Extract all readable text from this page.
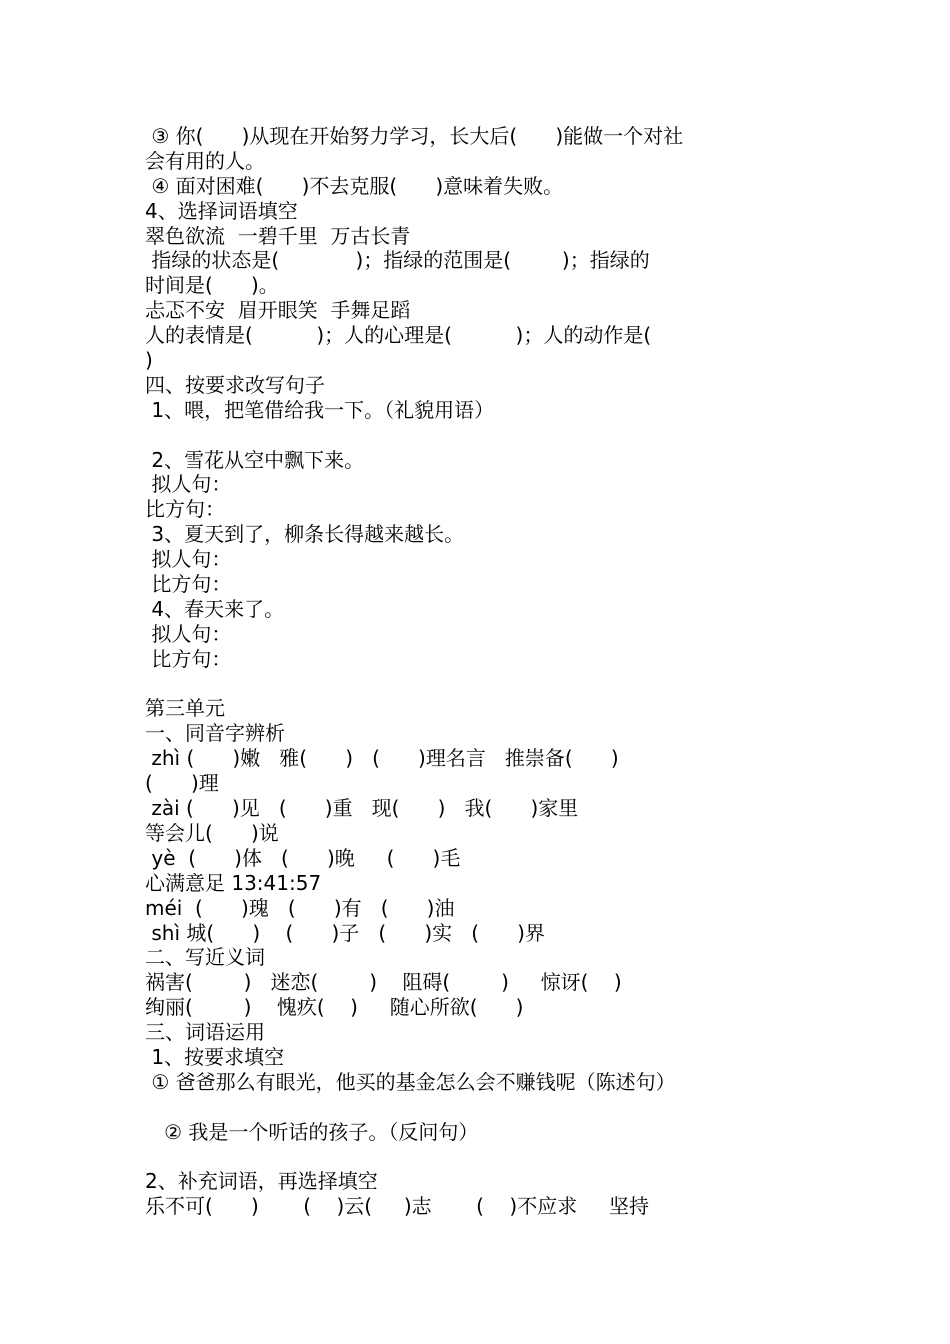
③ 你(      )从现在开始努力学习，长大后(      )能做一个对社
会有用的人。
④ 面对困难(      )不去克服(      )意味着失败。
4、选择词语填空
翠色欲流  一碧千里  万古长青
指绿的状态是(            )；指绿的范围是(        )；指绿的
时间是(      )。
忐忑不安  眉开眼笑  手舞足蹈
人的表情是(          )；人的心理是(          )；人的动作是(
)
四、按要求改写句子
1、喂，把笔借给我一下。（礼貌用语）
2、雪花从空中飘下来。
拟人句：
比方句：
3、夏天到了，柳条长得越来越长。
拟人句：
比方句：
4、春天来了。
拟人句：
比方句：
第三单元
一、同音字辨析
zhì (      )嫩   雅(      )   (      )理名言   推崇备(      )
(      )理
zài (      )见   (      )重   现(      )   我(      )家里
等会儿(      )说
yè  (      )体   (      )晚     (      )毛
心满意足 13:41:57
méi  (      )瑰   (      )有   (      )油
shì 城(      )    (      )子   (      )实   (      )界
二、写近义词
祸害(        )   迷恋(        )    阻碍(        )     惊讶(    )
绚丽(        )    愧疚(    )     随心所欲(      )
三、词语运用
1、按要求填空
① 爸爸那么有眼光，他买的基金怎么会不赚钱呢（陈述句）
② 我是一个听话的孩子。（反问句）
2、补充词语，再选择填空
乐不可(      )       (    )云(     )志       (    )不应求     坚持
